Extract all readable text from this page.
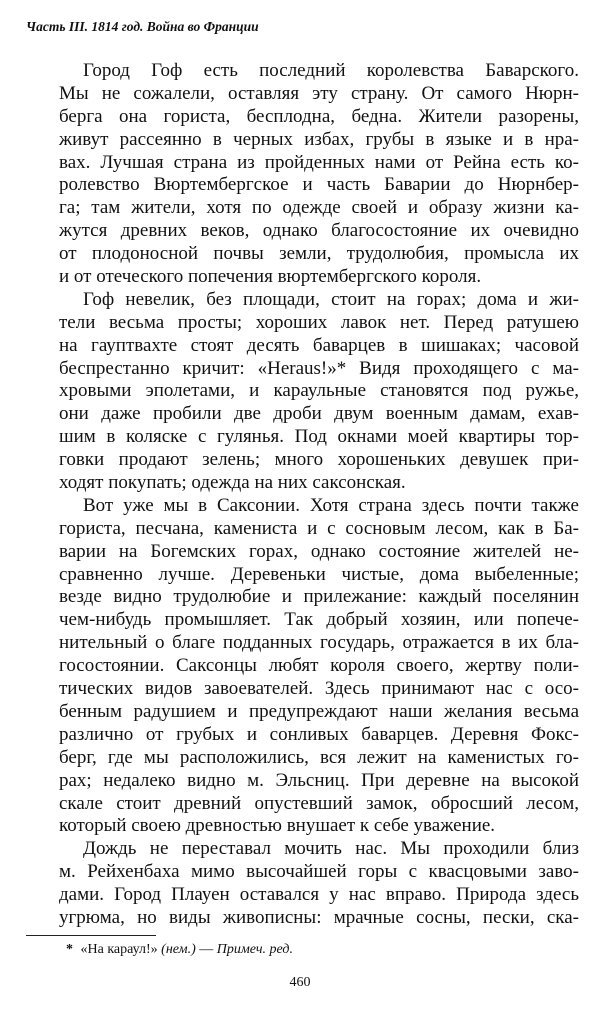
Часть III. 1814 год. Война во Франции
Город Гоф есть последний королевства Баварского.
Мы не сожалели, оставляя эту страну. От самого Нюрн-
берга она гориста, бесплодна, бедна. Жители разорены,
живут рассеянно в черных избах, грубы в языке и в нра-
вах. Лучшая страна из пройденных нами от Рейна есть ко-
ролевство Вюртембергское и часть Баварии до Нюрнбер-
га; там жители, хотя по одежде своей и образу жизни ка-
жутся древних веков, однако благосостояние их очевидно
от плодоносной почвы земли, трудолюбия, промысла их
и от отеческого попечения вюртембергского короля.
Гоф невелик, без площади, стоит на горах; дома и жи-
тели весьма просты; хороших лавок нет. Перед ратушею
на гауптвахте стоят десять баварцев в шишаках; часовой
беспрестанно кричит: «Heraus!»* Видя проходящего с ма-
хровыми эполетами, и караульные становятся под ружье,
они даже пробили две дроби двум военным дамам, ехав-
шим в коляске с гулянья. Под окнами моей квартиры тор-
говки продают зелень; много хорошеньких девушек при-
ходят покупать; одежда на них саксонская.
Вот уже мы в Саксонии. Хотя страна здесь почти также
гориста, песчана, камениста и с сосновым лесом, как в Ба-
варии на Богемских горах, однако состояние жителей не-
сравненно лучше. Деревеньки чистые, дома выбеленные;
везде видно трудолюбие и прилежание: каждый поселянин
чем-нибудь промышляет. Так добрый хозяин, или попече-
нительный о благе подданных государь, отражается в их бла-
госостоянии. Саксонцы любят короля своего, жертву поли-
тических видов завоевателей. Здесь принимают нас с осо-
бенным радушием и предупреждают наши желания весьма
различно от грубых и сонливых баварцев. Деревня Фокс-
берг, где мы расположились, вся лежит на каменистых го-
рах; недалеко видно м. Эльсниц. При деревне на высокой
скале стоит древний опустевший замок, обросший лесом,
который своею древностью внушает к себе уважение.
Дождь не переставал мочить нас. Мы проходили близ
м. Рейхенбаха мимо высочайшей горы с квасцовыми заво-
дами. Город Плауен оставался у нас вправо. Природа здесь
угрюма, но виды живописны: мрачные сосны, пески, ска-
* «На караул!» (нем.) — Примеч. ред.
460
